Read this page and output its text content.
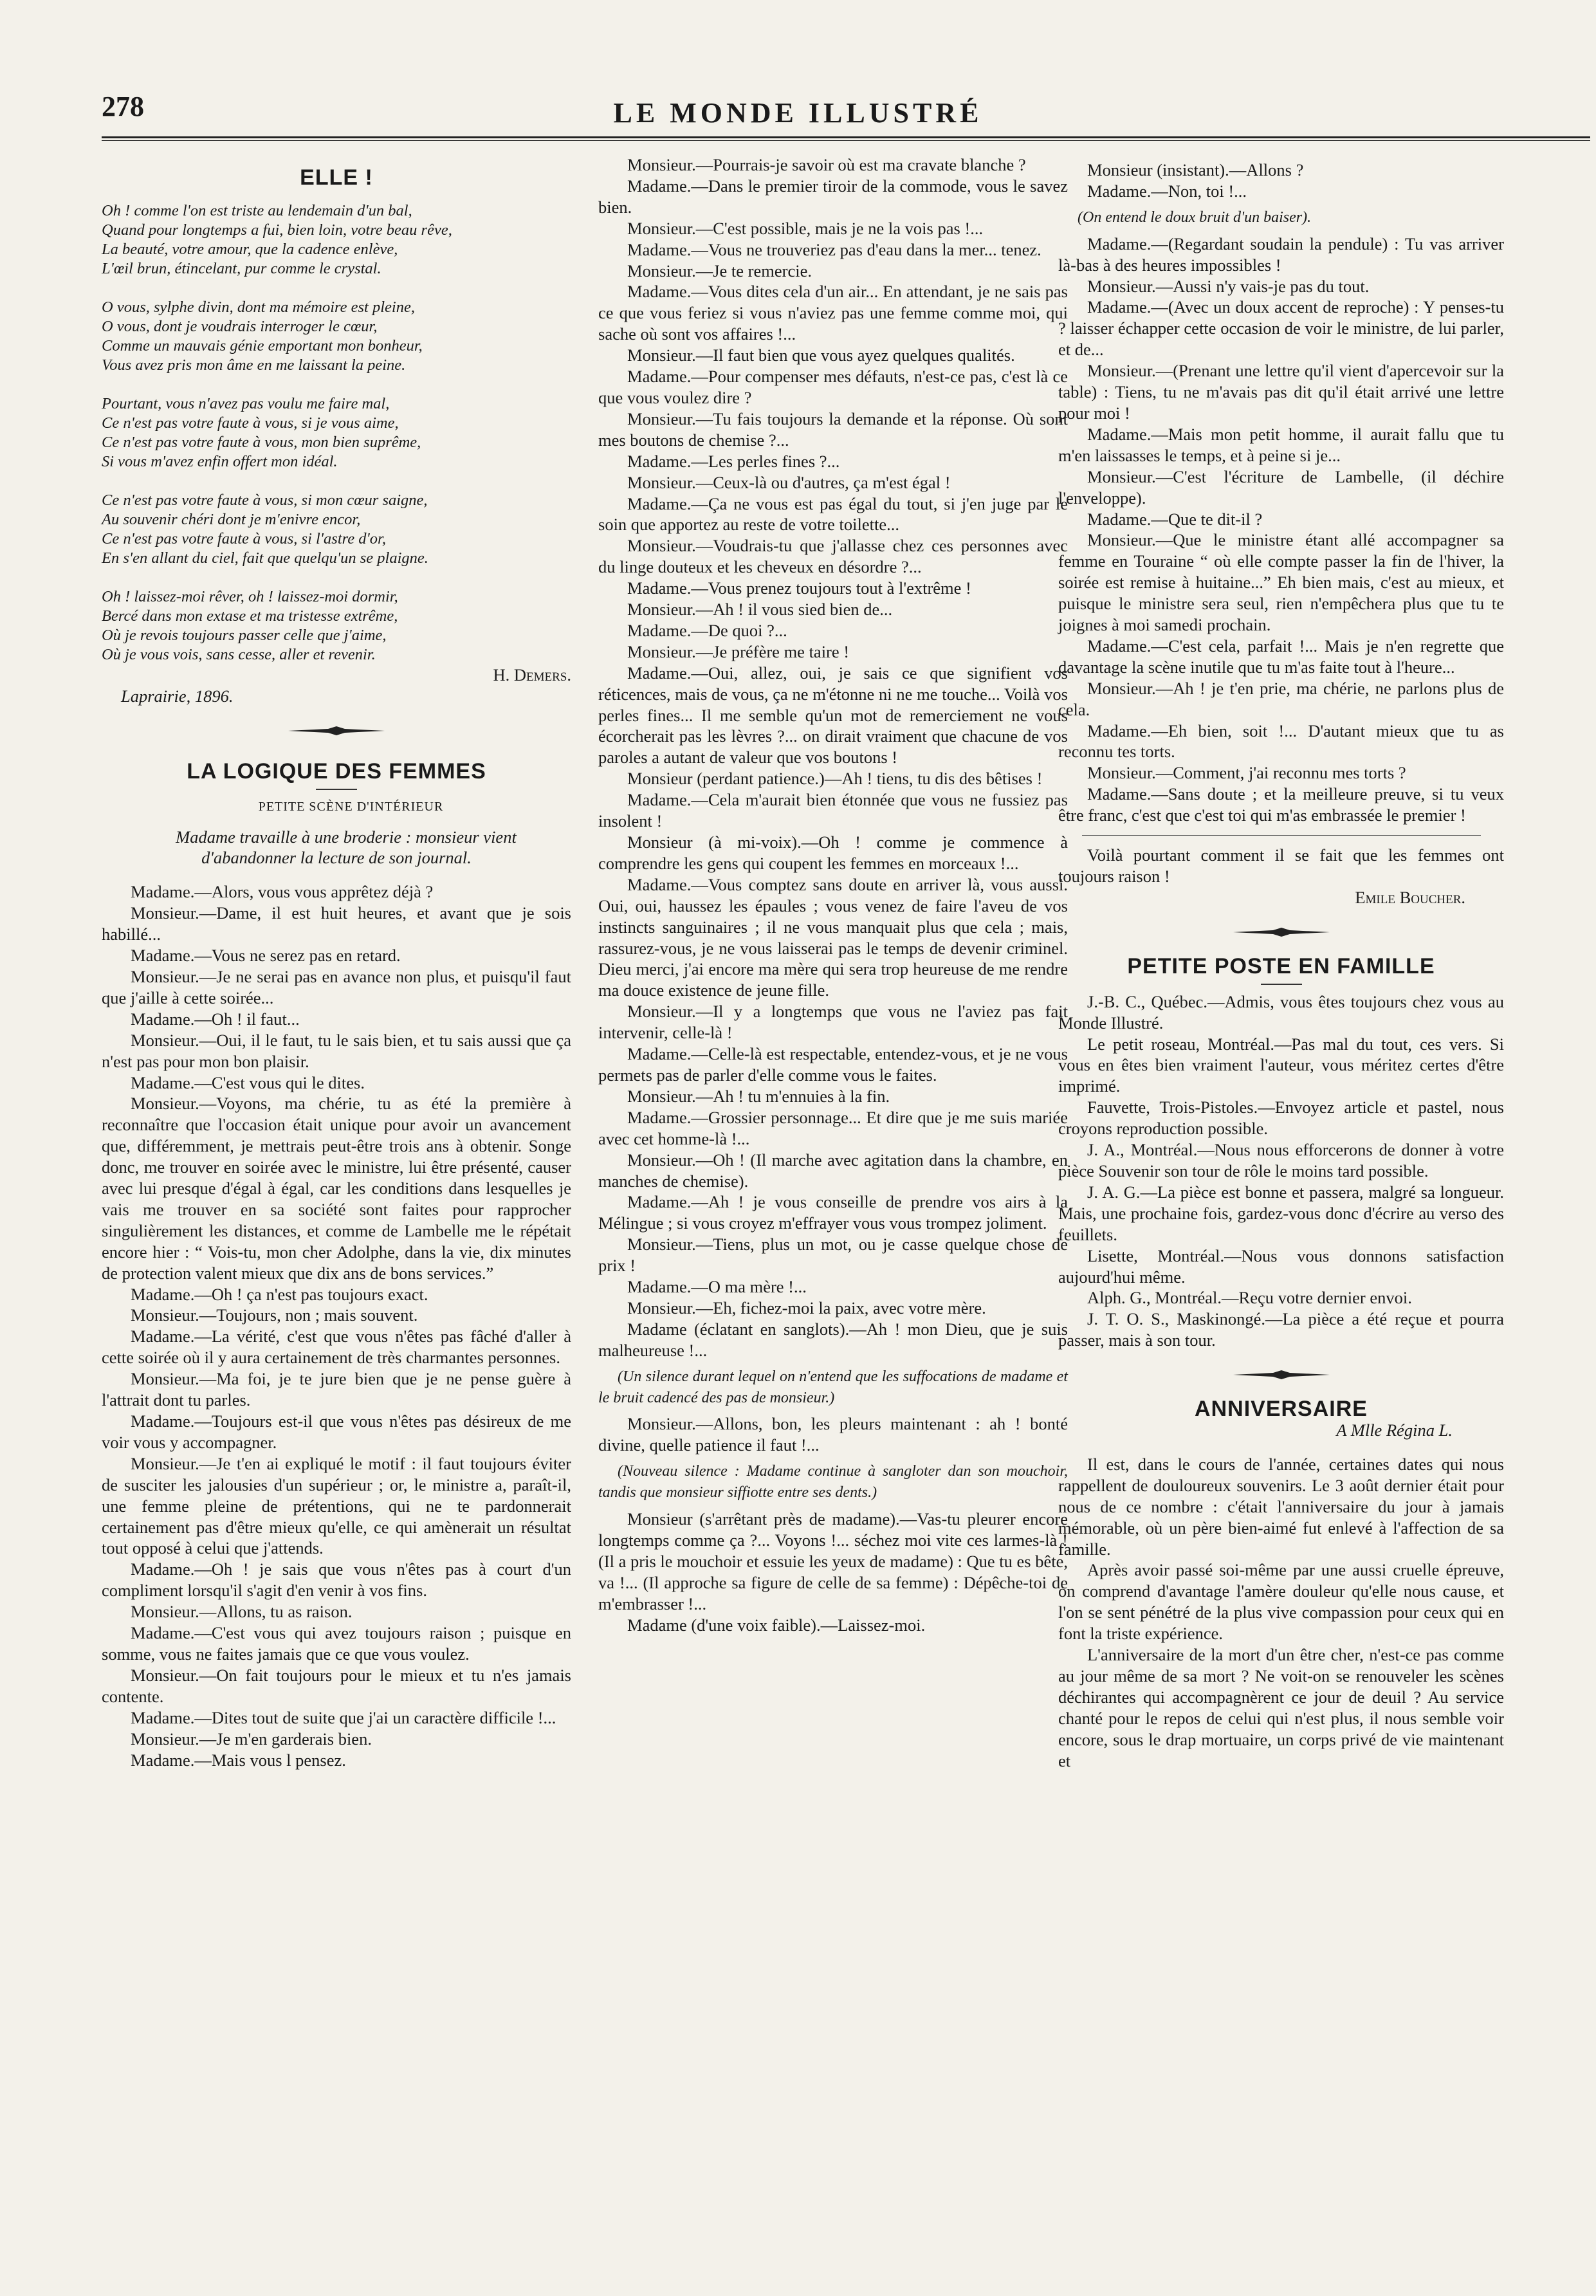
278	LE MONDE ILLUSTRÉ
ELLE !
Oh ! comme l'on est triste au lendemain d'un bal,
Quand pour longtemps a fui, bien loin, votre beau rêve,
La beauté, votre amour, que la cadence enlève,
L'œil brun, étincelant, pur comme le crystal.
O vous, sylphe divin, dont ma mémoire est pleine,
O vous, dont je voudrais interroger le cœur,
Comme un mauvais génie emportant mon bonheur,
Vous avez pris mon âme en me laissant la peine.
Pourtant, vous n'avez pas voulu me faire mal,
Ce n'est pas votre faute à vous, si je vous aime,
Ce n'est pas votre faute à vous, mon bien suprême,
Si vous m'avez enfin offert mon idéal.
Ce n'est pas votre faute à vous, si mon cœur saigne,
Au souvenir chéri dont je m'enivre encor,
Ce n'est pas votre faute à vous, si l'astre d'or,
En s'en allant du ciel, fait que quelqu'un se plaigne.
Oh ! laissez-moi rêver, oh ! laissez-moi dormir,
Bercé dans mon extase et ma tristesse extrême,
Où je revois toujours passer celle que j'aime,
Où je vous vois, sans cesse, aller et revenir.

H. Demers.

Laprairie, 1896.

LA LOGIQUE DES FEMMES

PETITE SCÈNE D'INTÉRIEUR

Madame travaille à une broderie : monsieur vient d'abandonner la lecture de son journal.

Madame.—Alors, vous vous apprêtez déjà ?

Monsieur.—Dame, il est huit heures, et avant que je sois habillé...

Madame.—Vous ne serez pas en retard.

Monsieur.—Je ne serai pas en avance non plus, et puisqu'il faut que j'aille à cette soirée...

Madame.—Oh ! il faut...

Monsieur.—Oui, il le faut, tu le sais bien, et tu sais aussi que ça n'est pas pour mon bon plaisir.

Madame.—C'est vous qui le dites.

Monsieur.—Voyons, ma chérie, tu as été la première à reconnaître que l'occasion était unique pour avoir un avancement que, différemment, je mettrais peut-être trois ans à obtenir. Songe donc, me trouver en soirée avec le ministre, lui être présenté, causer avec lui presque d'égal à égal, car les conditions dans lesquelles je vais me trouver en sa société sont faites pour rapprocher singulièrement les distances, et comme de Lambelle me le répétait encore hier : “ Vois-tu, mon cher Adolphe, dans la vie, dix minutes de protection valent mieux que dix ans de bons services.”

Madame.—Oh ! ça n'est pas toujours exact.

Monsieur.—Toujours, non ; mais souvent.

Madame.—La vérité, c'est que vous n'êtes pas fâché d'aller à cette soirée où il y aura certainement de très charmantes personnes.

Monsieur.—Ma foi, je te jure bien que je ne pense guère à l'attrait dont tu parles.

Madame.—Toujours est-il que vous n'êtes pas désireux de me voir vous y accompagner.

Monsieur.—Je t'en ai expliqué le motif : il faut toujours éviter de susciter les jalousies d'un supérieur ; or, le ministre a, paraît-il, une femme pleine de prétentions, qui ne te pardonnerait certainement pas d'être mieux qu'elle, ce qui amènerait un résultat tout opposé à celui que j'attends.

Madame.—Oh ! je sais que vous n'êtes pas à court d'un compliment lorsqu'il s'agit d'en venir à vos fins.

Monsieur.—Allons, tu as raison.

Madame.—C'est vous qui avez toujours raison ; puisque en somme, vous ne faites jamais que ce que vous voulez.

Monsieur.—On fait toujours pour le mieux et tu n'es jamais contente.

Madame.—Dites tout de suite que j'ai un caractère difficile !...

Monsieur.—Je m'en garderais bien.

Madame.—Mais vous l pensez.

Monsieur.—Pourrais-je savoir où est ma cravate blanche ?

Madame.—Dans le premier tiroir de la commode, vous le savez bien.

Monsieur.—C'est possible, mais je ne la vois pas !...

Madame.—Vous ne trouveriez pas d'eau dans la mer... tenez.

Monsieur.—Je te remercie.

Madame.—Vous dites cela d'un air... En attendant, je ne sais pas ce que vous feriez si vous n'aviez pas une femme comme moi, qui sache où sont vos affaires !...

Monsieur.—Il faut bien que vous ayez quelques qualités.

Madame.—Pour compenser mes défauts, n'est-ce pas, c'est là ce que vous voulez dire ?

Monsieur.—Tu fais toujours la demande et la réponse. Où sont mes boutons de chemise ?...

Madame.—Les perles fines ?...

Monsieur.—Ceux-là ou d'autres, ça m'est égal !

Madame.—Ça ne vous est pas égal du tout, si j'en juge par le soin que apportez au reste de votre toilette...

Monsieur.—Voudrais-tu que j'allasse chez ces personnes avec du linge douteux et les cheveux en désordre ?...

Madame.—Vous prenez toujours tout à l'extrême !

Monsieur.—Ah ! il vous sied bien de...

Madame.—De quoi ?...

Monsieur.—Je préfère me taire !

Madame.—Oui, allez, oui, je sais ce que signifient vos réticences, mais de vous, ça ne m'étonne ni ne me touche... Voilà vos perles fines... Il me semble qu'un mot de remerciement ne vous écorcherait pas les lèvres ?... on dirait vraiment que chacune de vos paroles a autant de valeur que vos boutons !

Monsieur (perdant patience.)—Ah ! tiens, tu dis des bêtises !

Madame.—Cela m'aurait bien étonnée que vous ne fussiez pas insolent !

Monsieur (à mi-voix).—Oh ! comme je commence à comprendre les gens qui coupent les femmes en morceaux !...

Madame.—Vous comptez sans doute en arriver là, vous aussi. Oui, oui, haussez les épaules ; vous venez de faire l'aveu de vos instincts sanguinaires ; il ne vous manquait plus que cela ; mais, rassurez-vous, je ne vous laisserai pas le temps de devenir criminel. Dieu merci, j'ai encore ma mère qui sera trop heureuse de me rendre ma douce existence de jeune fille.

Monsieur.—Il y a longtemps que vous ne l'aviez pas fait intervenir, celle-là !

Madame.—Celle-là est respectable, entendez-vous, et je ne vous permets pas de parler d'elle comme vous le faites.

Monsieur.—Ah ! tu m'ennuies à la fin.

Madame.—Grossier personnage... Et dire que je me suis mariée avec cet homme-là !...

Monsieur.—Oh ! (Il marche avec agitation dans la chambre, en manches de chemise).

Madame.—Ah ! je vous conseille de prendre vos airs à la Mélingue ; si vous croyez m'effrayer vous vous trompez joliment.

Monsieur.—Tiens, plus un mot, ou je casse quelque chose de prix !

Madame.—O ma mère !...

Monsieur.—Eh, fichez-moi la paix, avec votre mère.

Madame (éclatant en sanglots).—Ah ! mon Dieu, que je suis malheureuse !...

(Un silence durant lequel on n'entend que les suffocations de madame et le bruit cadencé des pas de monsieur.)

Monsieur.—Allons, bon, les pleurs maintenant : ah ! bonté divine, quelle patience il faut !...

(Nouveau silence : Madame continue à sangloter dan son mouchoir, tandis que monsieur siffiotte entre ses dents.)

Monsieur (s'arrêtant près de madame).—Vas-tu pleurer encore longtemps comme ça ?... Voyons !... séchez moi vite ces larmes-là ! (Il a pris le mouchoir et essuie les yeux de madame) : Que tu es bête, va !... (Il approche sa figure de celle de sa femme) : Dépêche-toi de m'embrasser !...

Madame (d'une voix faible).—Laissez-moi.

Monsieur (insistant).—Allons ?

Madame.—Non, toi !...

(On entend le doux bruit d'un baiser).

Madame.—(Regardant soudain la pendule) : Tu vas arriver là-bas à des heures impossibles !

Monsieur.—Aussi n'y vais-je pas du tout.

Madame.—(Avec un doux accent de reproche) : Y penses-tu ? laisser échapper cette occasion de voir le ministre, de lui parler, et de...

Monsieur.—(Prenant une lettre qu'il vient d'apercevoir sur la table) : Tiens, tu ne m'avais pas dit qu'il était arrivé une lettre pour moi !

Madame.—Mais mon petit homme, il aurait fallu que tu m'en laissasses le temps, et à peine si je...

Monsieur.—C'est l'écriture de Lambelle, (il déchire l'enveloppe).

Madame.—Que te dit-il ?

Monsieur.—Que le ministre étant allé accompagner sa femme en Touraine “ où elle compte passer la fin de l'hiver, la soirée est remise à huitaine...” Eh bien mais, c'est au mieux, et puisque le ministre sera seul, rien n'empêchera plus que tu te joignes à moi samedi prochain.

Madame.—C'est cela, parfait !... Mais je n'en regrette que davantage la scène inutile que tu m'as faite tout à l'heure...

Monsieur.—Ah ! je t'en prie, ma chérie, ne parlons plus de cela.

Madame.—Eh bien, soit !... D'autant mieux que tu as reconnu tes torts.

Monsieur.—Comment, j'ai reconnu mes torts ?

Madame.—Sans doute ; et la meilleure preuve, si tu veux être franc, c'est que c'est toi qui m'as embrassée le premier !

Voilà pourtant comment il se fait que les femmes ont toujours raison !

Emile Boucher.

PETITE POSTE EN FAMILLE

J.-B. C., Québec.—Admis, vous êtes toujours chez vous au Monde Illustré.

Le petit roseau, Montréal.—Pas mal du tout, ces vers. Si vous en êtes bien vraiment l'auteur, vous méritez certes d'être imprimé.

Fauvette, Trois-Pistoles.—Envoyez article et pastel, nous croyons reproduction possible.

J. A., Montréal.—Nous nous efforcerons de donner à votre pièce Souvenir son tour de rôle le moins tard possible.

J. A. G.—La pièce est bonne et passera, malgré sa longueur. Mais, une prochaine fois, gardez-vous donc d'écrire au verso des feuillets.

Lisette, Montréal.—Nous vous donnons satisfaction aujourd'hui même.

Alph. G., Montréal.—Reçu votre dernier envoi.

J. T. O. S., Maskinongé.—La pièce a été reçue et pourra passer, mais à son tour.

ANNIVERSAIRE

A Mlle Régina L.

Il est, dans le cours de l'année, certaines dates qui nous rappellent de douloureux souvenirs. Le 3 août dernier était pour nous de ce nombre : c'était l'anniversaire du jour à jamais mémorable, où un père bien-aimé fut enlevé à l'affection de sa famille.

Après avoir passé soi-même par une aussi cruelle épreuve, on comprend d'avantage l'amère douleur qu'elle nous cause, et l'on se sent pénétré de la plus vive compassion pour ceux qui en font la triste expérience.

L'anniversaire de la mort d'un être cher, n'est-ce pas comme au jour même de sa mort ? Ne voit-on se renouveler les scènes déchirantes qui accompagnèrent ce jour de deuil ? Au service chanté pour le repos de celui qui n'est plus, il nous semble voir encore, sous le drap mortuaire, un corps privé de vie maintenant et
